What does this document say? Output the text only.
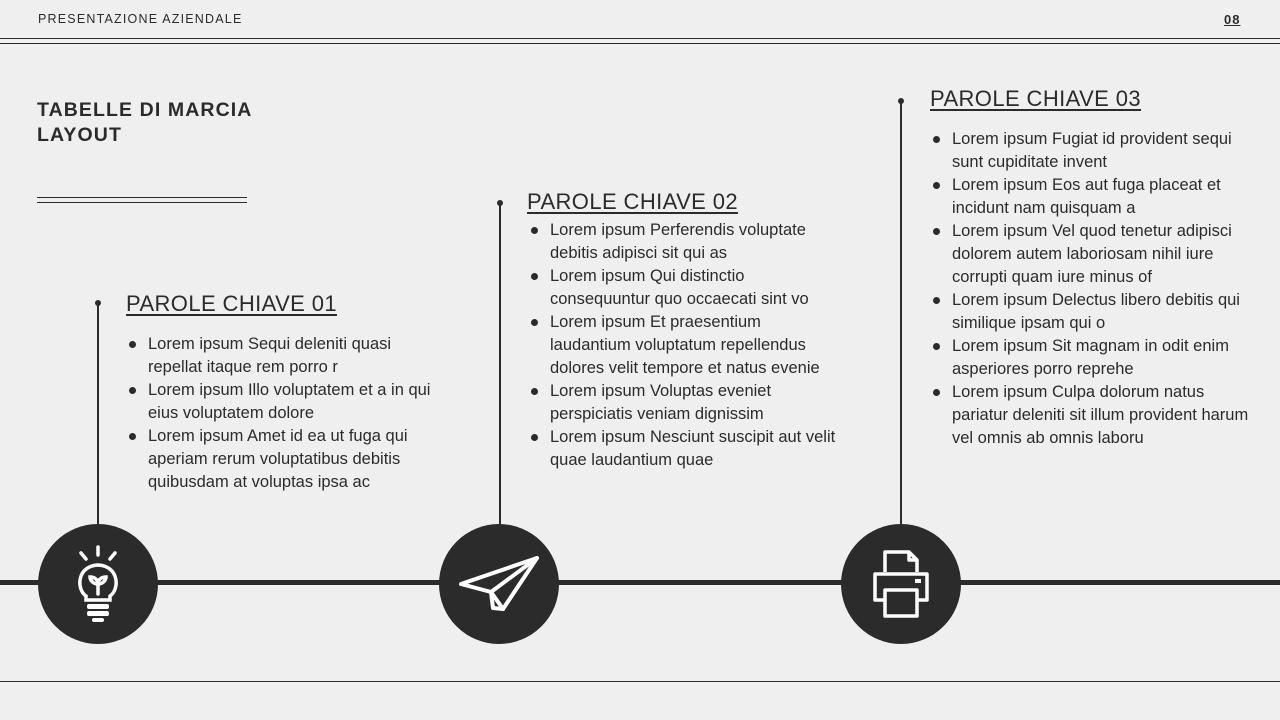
PRESENTAZIONE AZIENDALE	08
TABELLE DI MARCIA LAYOUT
PAROLE CHIAVE 01
Lorem ipsum Sequi deleniti quasi repellat itaque rem porro r
Lorem ipsum Illo voluptatem et a in qui eius voluptatem dolore
Lorem ipsum Amet id ea ut fuga qui aperiam rerum voluptatibus debitis quibusdam at voluptas ipsa ac
PAROLE CHIAVE 02
Lorem ipsum Perferendis voluptate debitis adipisci sit qui as
Lorem ipsum Qui distinctio consequuntur quo occaecati sint vo
Lorem ipsum Et praesentium laudantium voluptatum repellendus dolores velit tempore et natus evenie
Lorem ipsum Voluptas eveniet perspiciatis veniam dignissim
Lorem ipsum Nesciunt suscipit aut velit quae laudantium quae
PAROLE CHIAVE 03
Lorem ipsum Fugiat id provident sequi sunt cupiditate invent
Lorem ipsum Eos aut fuga placeat et incidunt nam quisquam a
Lorem ipsum Vel quod tenetur adipisci dolorem autem laboriosam nihil iure corrupti quam iure minus of
Lorem ipsum Delectus libero debitis qui similique ipsam qui o
Lorem ipsum Sit magnam in odit enim asperiores porro reprehe
Lorem ipsum Culpa dolorum natus pariatur deleniti sit illum provident harum vel omnis ab omnis laboru
